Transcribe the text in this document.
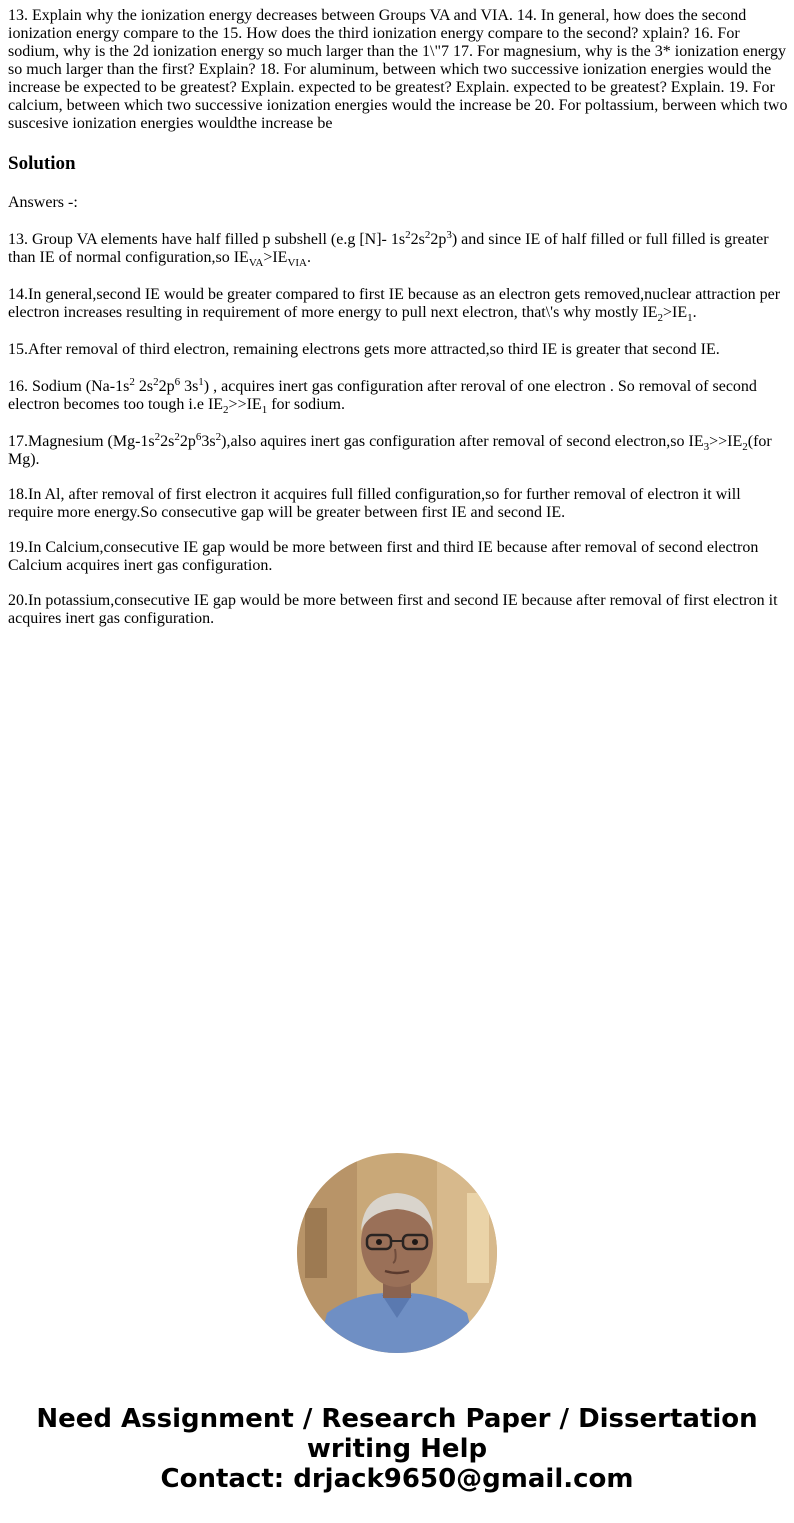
13. Explain why the ionization energy decreases between Groups VA and VIA. 14. In general, how does the second ionization energy compare to the 15. How does the third ionization energy compare to the second? xplain? 16. For sodium, why is the 2d ionization energy so much larger than the 1\"7 17. For magnesium, why is the 3* ionization energy so much larger than the first? Explain? 18. For aluminum, between which two successive ionization energies would the increase be expected to be greatest? Explain. expected to be greatest? Explain. expected to be greatest? Explain. 19. For calcium, between which two successive ionization energies would the increase be 20. For poltassium, berween which two suscesive ionization energies wouldthe increase be

Solution

Answers -:

13. Group VA elements have half filled p subshell (e.g [N]- $1s^22s^22p^3$) and since IE of half filled or full filled is greater than IE of normal configuration,so $IE_{VA}>IE_{VIA}$.

14.In general,second IE would be greater compared to first IE because as an electron gets removed,nuclear attraction per electron increases resulting in requirement of more energy to pull next electron, that\'s why mostly $IE_2>IE_1$.

15.After removal of third electron, remaining electrons gets more attracted,so third IE is greater that second IE.

16. Sodium ($Na-1s^2$ $2s^22p^6$ $3s^1$) , acquires inert gas configuration after reroval of one electron . So removal of second electron becomes too tough i.e $IE_2>>IE_1$ for sodium.

17.Magnesium $(Mg-1s^22s^22p^63s^2),also$ aquires inert gas configuration after removal of second electron,so $IE_3>>IE_2(for$ Mg).

18.In Al, after removal of first electron it acquires full filled configuration,so for further removal of electron it will require more energy.So consecutive gap will be greater between first IE and second IE.

19.In Calcium,consecutive IE gap would be more between first and third IE because after removal of second electron Calcium acquires inert gas configuration.

20.In potassium,consecutive IE gap would be more between first and second IE because after removal of first electron it acquires inert gas configuration.

Need Assignment / Research Paper / Dissertation
writing Help
Contact: drjack9650@gmail.com
